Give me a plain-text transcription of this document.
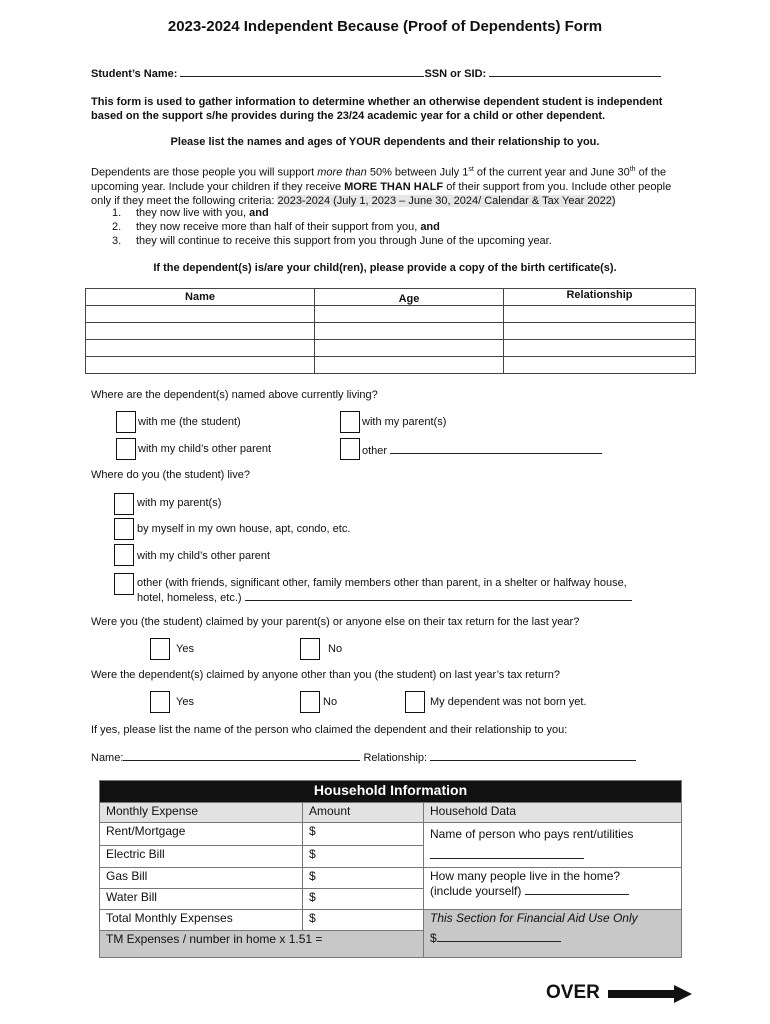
2023-2024 Independent Because (Proof of Dependents) Form
Student’s Name:	SSN or SID:
This form is used to gather information to determine whether an otherwise dependent student is independent based on the support s/he provides during the 23/24 academic year for a child or other dependent.
Please list the names and ages of YOUR dependents and their relationship to you.
Dependents are those people you will support more than 50% between July 1st of the current year and June 30th of the upcoming year. Include your children if they receive MORE THAN HALF of their support from you. Include other people only if they meet the following criteria: 2023-2024 (July 1, 2023 – June 30, 2024/ Calendar & Tax Year 2022)
1. they now live with you, and
2. they now receive more than half of their support from you, and
3. they will continue to receive this support from you through June of the upcoming year.
If the dependent(s) is/are your child(ren), please provide a copy of the birth certificate(s).
Name	Age	Relationship

Where are the dependent(s) named above currently living?
with me (the student)	with my parent(s)
with my child’s other parent	other
Where do you (the student) live?
with my parent(s)
by myself in my own house, apt, condo, etc.
with my child’s other parent
other (with friends, significant other, family members other than parent, in a shelter or halfway house,
hotel, homeless, etc.)
Were you (the student) claimed by your parent(s) or anyone else on their tax return for the last year?
Yes	No
Were the dependent(s) claimed by anyone other than you (the student) on last year’s tax return?
Yes	No	My dependent was not born yet.
If yes, please list the name of the person who claimed the dependent and their relationship to you:
Name:	Relationship:
Household Information		
Monthly Expense	Amount	Household Data
Rent/Mortgage	$	Name of person who pays rent/utilities

Electric Bill	$	
Gas Bill	$	How many people live in the home?
(include yourself)

Water Bill	$	
Total Monthly Expenses	$	This Section for Financial Aid Use Only
$

TM Expenses / number in home x 1.51 =		
OVER
